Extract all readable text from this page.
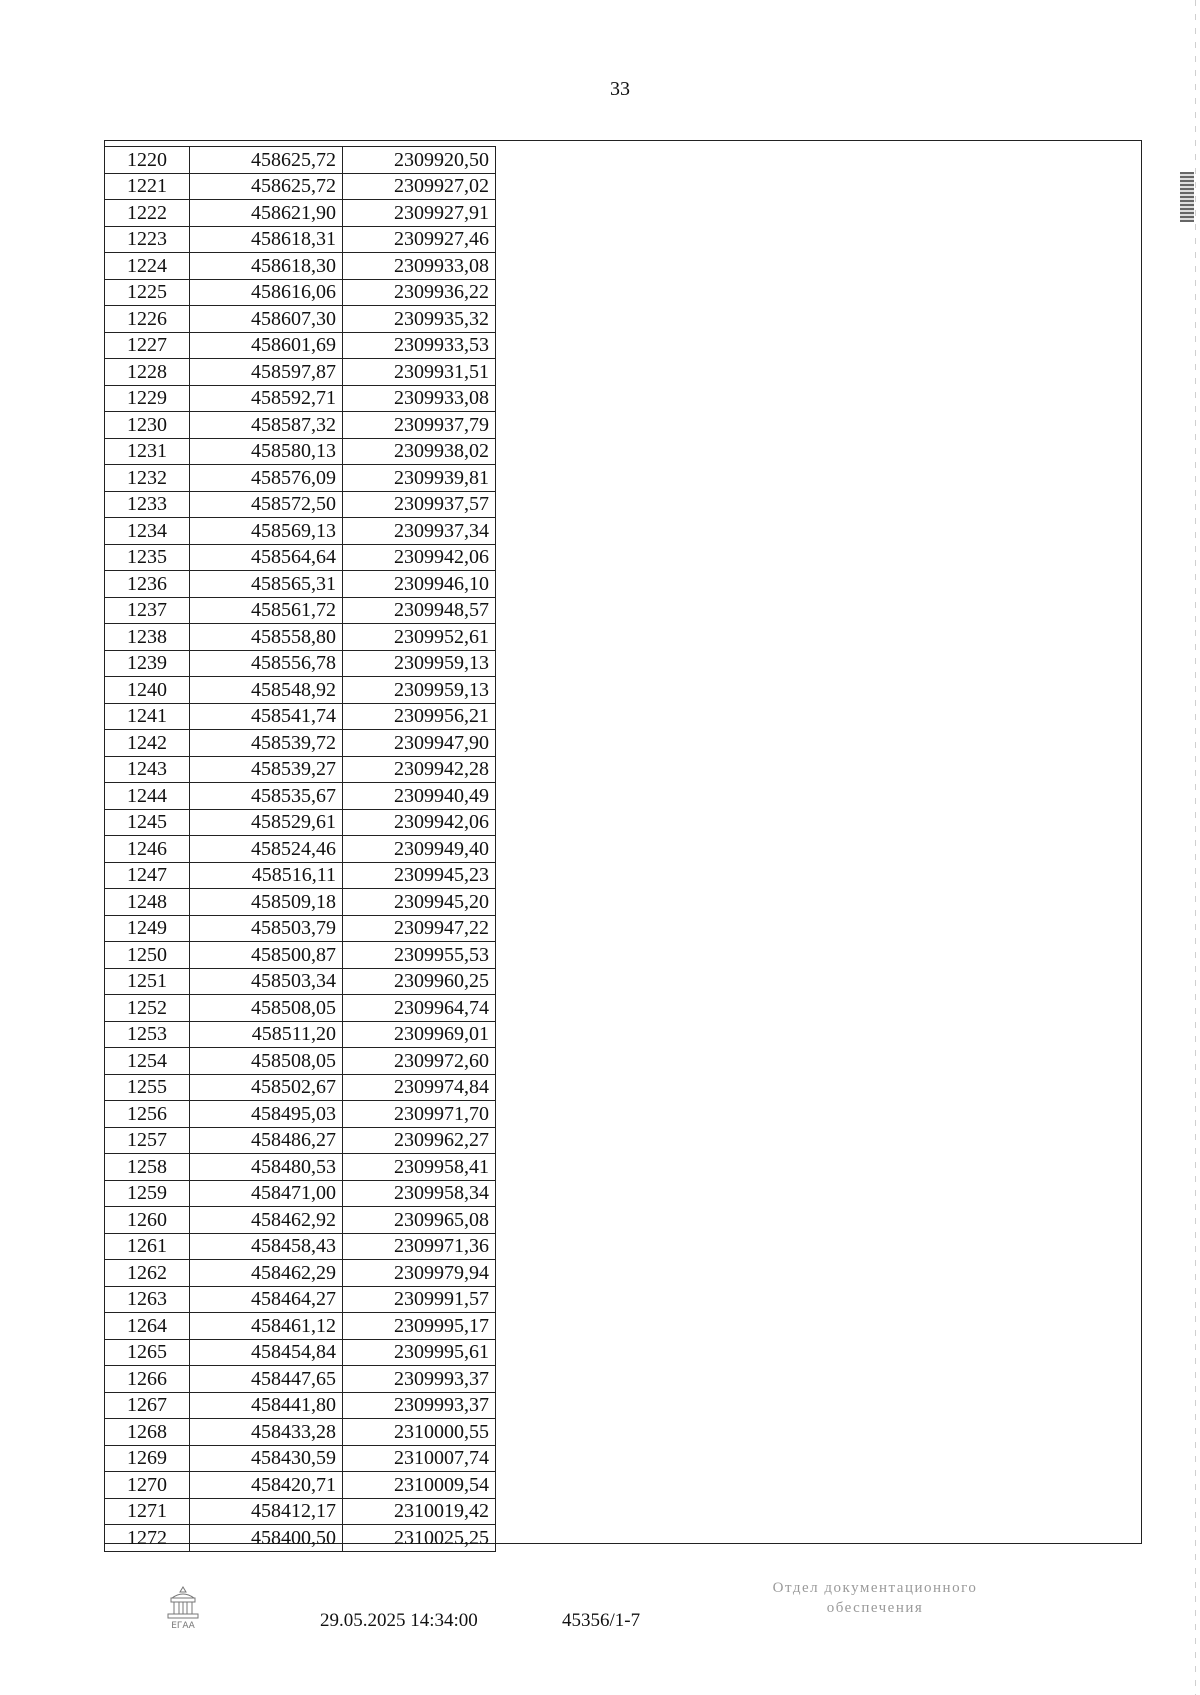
33
1220	458625,72	2309920,50
1221	458625,72	2309927,02
1222	458621,90	2309927,91
1223	458618,31	2309927,46
1224	458618,30	2309933,08
1225	458616,06	2309936,22
1226	458607,30	2309935,32
1227	458601,69	2309933,53
1228	458597,87	2309931,51
1229	458592,71	2309933,08
1230	458587,32	2309937,79
1231	458580,13	2309938,02
1232	458576,09	2309939,81
1233	458572,50	2309937,57
1234	458569,13	2309937,34
1235	458564,64	2309942,06
1236	458565,31	2309946,10
1237	458561,72	2309948,57
1238	458558,80	2309952,61
1239	458556,78	2309959,13
1240	458548,92	2309959,13
1241	458541,74	2309956,21
1242	458539,72	2309947,90
1243	458539,27	2309942,28
1244	458535,67	2309940,49
1245	458529,61	2309942,06
1246	458524,46	2309949,40
1247	458516,11	2309945,23
1248	458509,18	2309945,20
1249	458503,79	2309947,22
1250	458500,87	2309955,53
1251	458503,34	2309960,25
1252	458508,05	2309964,74
1253	458511,20	2309969,01
1254	458508,05	2309972,60
1255	458502,67	2309974,84
1256	458495,03	2309971,70
1257	458486,27	2309962,27
1258	458480,53	2309958,41
1259	458471,00	2309958,34
1260	458462,92	2309965,08
1261	458458,43	2309971,36
1262	458462,29	2309979,94
1263	458464,27	2309991,57
1264	458461,12	2309995,17
1265	458454,84	2309995,61
1266	458447,65	2309993,37
1267	458441,80	2309993,37
1268	458433,28	2310000,55
1269	458430,59	2310007,74
1270	458420,71	2310009,54
1271	458412,17	2310019,42
1272	458400,50	2310025,25
ЕГАА	29.05.2025 14:34:00	45356/1-7
Отдел документационного
обеспечения
